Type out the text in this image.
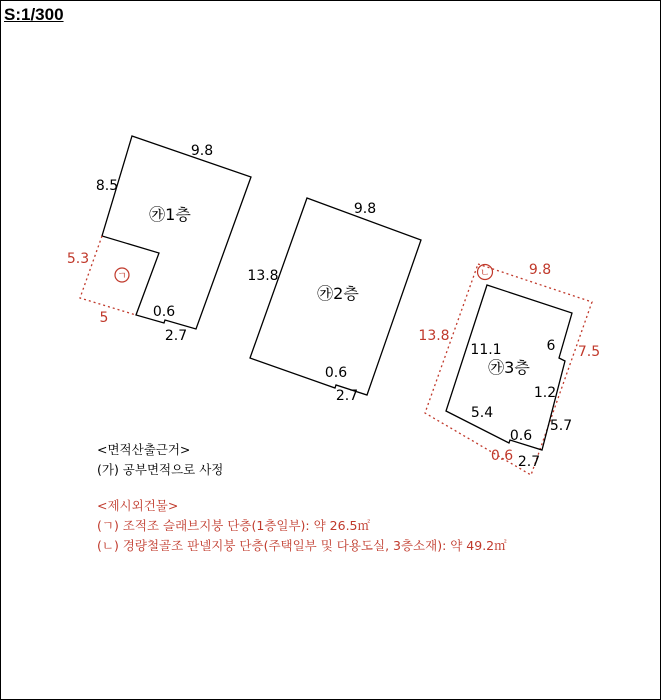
S:1/300
ㄱ	ㄴ
㉮1층
9.8
8.5
0.6
2.7
5.3
5
㉮2층
9.8
13.8
0.6
2.7
㉮3층
11.1	6
1.2
5.7
5.4
0.6
2.7
9.8
13.8
7.5
0.6
<면적산출근거>
(가) 공부면적으로 사정
<제시외건물>
(ㄱ) 조적조 슬래브지붕 단층(1층일부): 약 26.5㎡
(ㄴ) 경량철골조 판넬지붕 단층(주택일부 및 다용도실, 3층소재): 약 49.2㎡
